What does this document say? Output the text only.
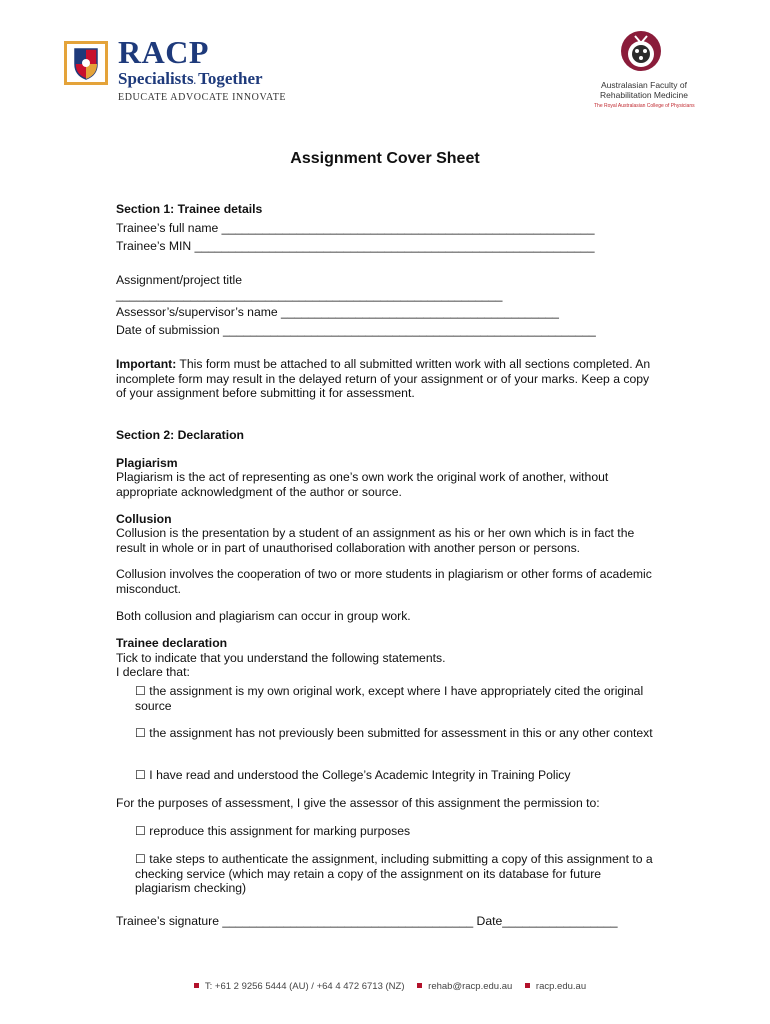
RACP
Specialists. Together
EDUCATE ADVOCATE INNOVATE
Australasian Faculty of Rehabilitation Medicine
The Royal Australasian College of Physicians
Assignment Cover Sheet
Section 1: Trainee details
Trainee’s full name _______________________________________________________
Trainee’s MIN ___________________________________________________________
Assignment/project title
_________________________________________________________
Assessor’s/supervisor’s name _________________________________________
Date of submission _______________________________________________________
Important: This form must be attached to all submitted written work with all sections completed. An incomplete form may result in the delayed return of your assignment or of your marks. Keep a copy of your assignment before submitting it for assessment.
Section 2: Declaration
Plagiarism
Plagiarism is the act of representing as one’s own work the original work of another, without appropriate acknowledgment of the author or source.
Collusion
Collusion is the presentation by a student of an assignment as his or her own which is in fact the result in whole or in part of unauthorised collaboration with another person or persons.
Collusion involves the cooperation of two or more students in plagiarism or other forms of academic misconduct.
Both collusion and plagiarism can occur in group work.
Trainee declaration
Tick to indicate that you understand the following statements.
I declare that:
☐ the assignment is my own original work, except where I have appropriately cited the original source
☐ the assignment has not previously been submitted for assessment in this or any other context
☐ I have read and understood the College’s Academic Integrity in Training Policy
For the purposes of assessment, I give the assessor of this assignment the permission to:
☐ reproduce this assignment for marking purposes
☐ take steps to authenticate the assignment, including submitting a copy of this assignment to a checking service (which may retain a copy of the assignment on its database for future plagiarism checking)
Trainee’s signature _____________________________________ Date_________________
T: +61 2 9256 5444 (AU) / +64 4 472 6713 (NZ) rehab@racp.edu.au racp.edu.au
